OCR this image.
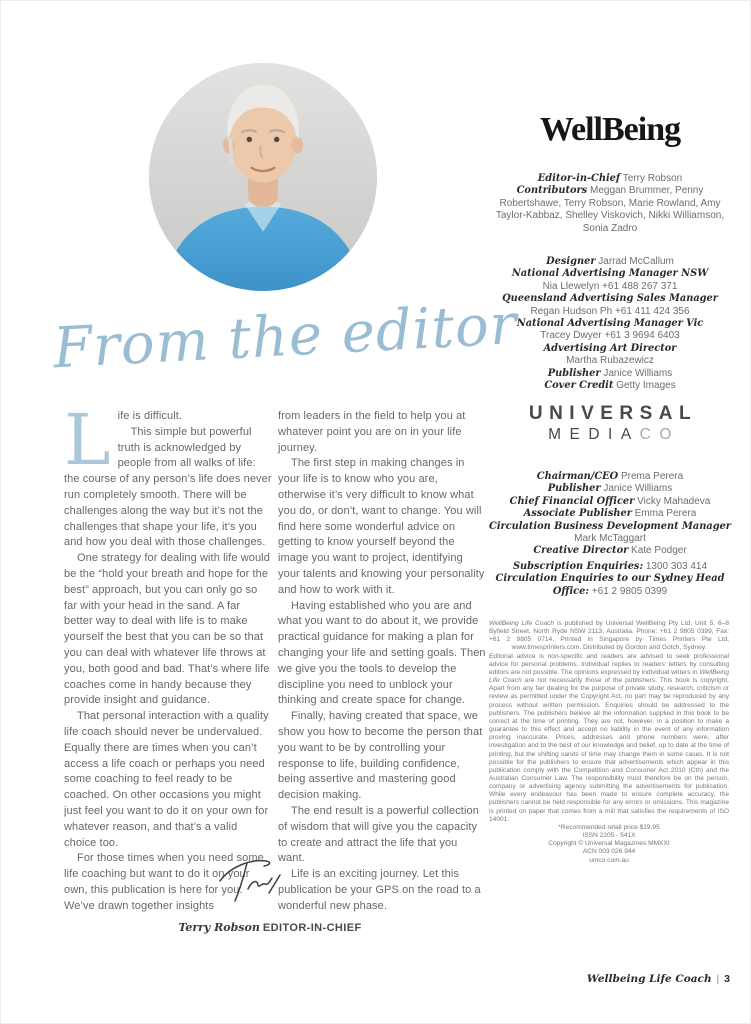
From the editor
L ife is difficult.

This simple but powerful truth is acknowledged by people from all walks of life: the course of any person’s life does never run completely smooth. There will be challenges along the way but it’s not the challenges that shape your life, it’s you and how you deal with those challenges.

One strategy for dealing with life would be the “hold your breath and hope for the best” approach, but you can only go so far with your head in the sand. A far better way to deal with life is to make yourself the best that you can be so that you can deal with whatever life throws at you, both good and bad. That’s where life coaches come in handy because they provide insight and guidance.

That personal interaction with a quality life coach should never be undervalued. Equally there are times when you can’t access a life coach or perhaps you need some coaching to feel ready to be coached. On other occasions you might just feel you want to do it on your own for whatever reason, and that’s a valid choice too.

For those times when you need some life coaching but want to do it on your own, this publication is here for you. We’ve drawn together insights

from leaders in the field to help you at whatever point you are on in your life journey.

The first step in making changes in your life is to know who you are, otherwise it’s very difficult to know what you do, or don’t, want to change. You will find here some wonderful advice on getting to know yourself beyond the image you want to project, identifying your talents and knowing your personality and how to work with it.

Having established who you are and what you want to do about it, we provide practical guidance for making a plan for changing your life and setting goals. Then we give you the tools to develop the discipline you need to unblock your thinking and create space for change.

Finally, having created that space, we show you how to become the person that you want to be by controlling your response to life, building confidence, being assertive and mastering good decision making.

The end result is a powerful collection of wisdom that will give you the capacity to create and attract the life that you want.

Life is an exciting journey. Let this publication be your GPS on the road to a wonderful new phase.

Terry Robson EDITOR-IN-CHIEF
WellBeing
Editor-in-Chief Terry Robson
Contributors Meggan Brummer, Penny Robertshawe, Terry Robson, Marie Rowland, Amy Taylor-Kabbaz, Shelley Viskovich, Nikki Williamson, Sonia Zadro
Designer Jarrad McCallum
National Advertising Manager NSW
Nia Llewelyn +61 488 267 371
Queensland Advertising Sales Manager
Regan Hudson Ph +61 411 424 356
National Advertising Manager Vic
Tracey Dwyer +61 3 9694 6403
Advertising Art Director
Martha Rubazewicz
Publisher Janice Williams
Cover Credit Getty Images
UNIVERSAL
MEDIACO
Chairman/CEO Prema Perera
Publisher Janice Williams
Chief Financial Officer Vicky Mahadeva
Associate Publisher Emma Perera
Circulation Business Development Manager
Mark McTaggart
Creative Director Kate Podger
Subscription Enquiries: 1300 303 414
Circulation Enquiries to our Sydney Head Office: +61 2 9805 0399

WellBeing Life Coach is published by Universal WellBeing Pty Ltd, Unit 5, 6–8 Byfield Street, North Ryde NSW 2113, Australia. Phone: +61 2 9805 0399, Fax: +61 2 9805 0714. Printed in Singapore by Times Printers Pte Ltd, www.timesprinters.com. Distributed by Gordon and Gotch, Sydney.

Editorial advice is non-specific and readers are advised to seek professional advice for personal problems. Individual replies to readers’ letters by consulting editors are not possible. The opinions expressed by individual writers in WellBeing Life Coach are not necessarily those of the publishers. This book is copyright. Apart from any fair dealing for the purpose of private study, research, criticism or review as permitted under the Copyright Act, no part may be reproduced by any process without written permission. Enquiries should be addressed to the publishers. The publishers believe all the information supplied in this book to be correct at the time of printing. They are not, however, in a position to make a guarantee to this effect and accept no liability in the event of any information proving inaccurate. Prices, addresses and phone numbers were, after investigation and to the best of our knowledge and belief, up to date at the time of printing, but the shifting sands of time may change them in some cases. It is not possible for the publishers to ensure that advertisements which appear in this publication comply with the Competition and Consumer Act 2010 (Cth) and the Australian Consumer Law. The responsibility must therefore be on the person, company or advertising agency submitting the advertisements for publication. While every endeavour has been made to ensure complete accuracy, the publishers cannot be held responsible for any errors or omissions. This magazine is printed on paper that comes from a mill that satisfies the requirements of ISO 14001.

*Recommended retail price $19.95
ISSN 2205 - 541X
Copyright © Universal Magazines MMXXI
ACN 003 026 944
umco.com.au
Wellbeing Life Coach | 3
